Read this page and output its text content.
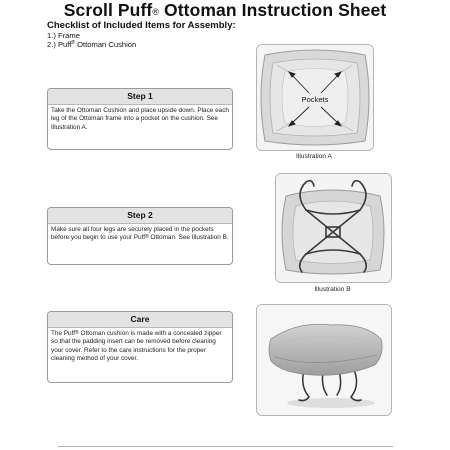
Scroll Puff® Ottoman Instruction Sheet
Checklist of Included Items for Assembly:
1.) Frame
2.) Puff® Ottoman Cushion
Step 1
Take the Ottoman Cushion and place upside down. Place each leg of the Ottoman frame into a pocket on the cushion. See Illustration A.
Step 2
Make sure all four legs are securely placed in the pockets before you begin to use your Puff® Ottoman. See Illustration B.
Care
The Puff® Ottoman cushion is made with a concealed zipper so that the padding insert can be removed before cleaning your cover. Refer to the care instructions for the proper cleaning method of your cover.
Pockets
Illustration A
Illustration B
